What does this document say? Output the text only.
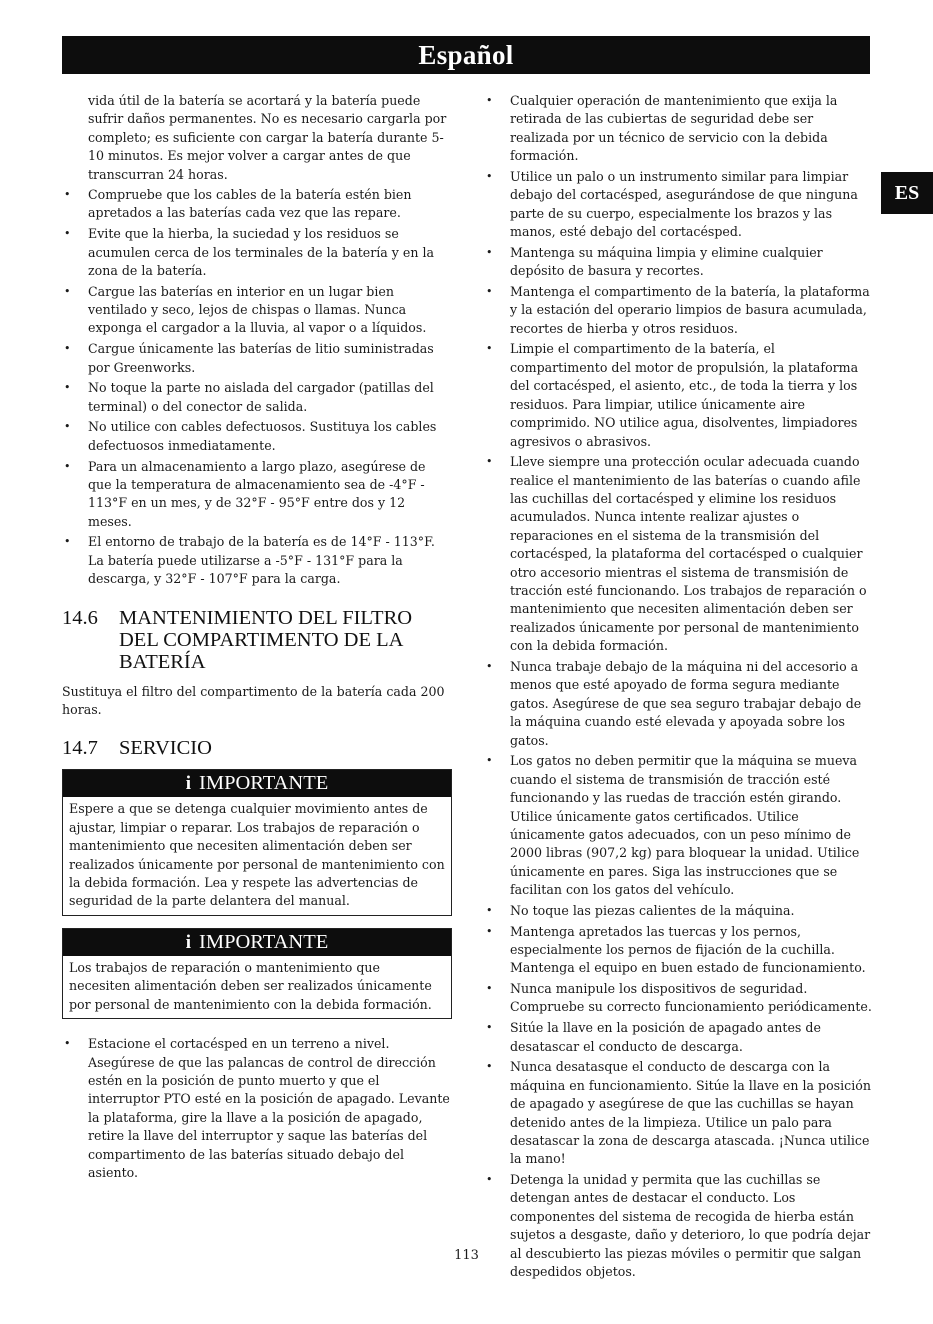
Español
ES

vida útil de la batería se acortará y la batería puede sufrir daños permanentes. No es necesario cargarla por completo; es suficiente con cargar la batería durante 5-10 minutos. Es mejor volver a cargar antes de que transcurran 24 horas.

• Compruebe que los cables de la batería estén bien apretados a las baterías cada vez que las repare.
• Evite que la hierba, la suciedad y los residuos se acumulen cerca de los terminales de la batería y en la zona de la batería.
• Cargue las baterías en interior en un lugar bien ventilado y seco, lejos de chispas o llamas. Nunca exponga el cargador a la lluvia, al vapor o a líquidos.
• Cargue únicamente las baterías de litio suministradas por Greenworks.
• No toque la parte no aislada del cargador (patillas del terminal) o del conector de salida.
• No utilice con cables defectuosos. Sustituya los cables defectuosos inmediatamente.
• Para un almacenamiento a largo plazo, asegúrese de que la temperatura de almacenamiento sea de -4°F - 113°F en un mes, y de 32°F - 95°F entre dos y 12 meses.
• El entorno de trabajo de la batería es de 14°F - 113°F. La batería puede utilizarse a -5°F - 131°F para la descarga, y 32°F - 107°F para la carga.
14.6	MANTENIMIENTO DEL FILTRO DEL COMPARTIMENTO DE LA BATERÍA

Sustituya el filtro del compartimento de la batería cada 200 horas.

14.7	SERVICIO
i IMPORTANTE
Espere a que se detenga cualquier movimiento antes de ajustar, limpiar o reparar. Los trabajos de reparación o mantenimiento que necesiten alimentación deben ser realizados únicamente por personal de mantenimiento con la debida formación. Lea y respete las advertencias de seguridad de la parte delantera del manual.
i IMPORTANTE
Los trabajos de reparación o mantenimiento que necesiten alimentación deben ser realizados únicamente por personal de mantenimiento con la debida formación.
• Estacione el cortacésped en un terreno a nivel. Asegúrese de que las palancas de control de dirección estén en la posición de punto muerto y que el interruptor PTO esté en la posición de apagado. Levante la plataforma, gire la llave a la posición de apagado, retire la llave del interruptor y saque las baterías del compartimento de las baterías situado debajo del asiento.
• Cualquier operación de mantenimiento que exija la retirada de las cubiertas de seguridad debe ser realizada por un técnico de servicio con la debida formación.
• Utilice un palo o un instrumento similar para limpiar debajo del cortacésped, asegurándose de que ninguna parte de su cuerpo, especialmente los brazos y las manos, esté debajo del cortacésped.
• Mantenga su máquina limpia y elimine cualquier depósito de basura y recortes.
• Mantenga el compartimento de la batería, la plataforma y la estación del operario limpios de basura acumulada, recortes de hierba y otros residuos.
• Limpie el compartimento de la batería, el compartimento del motor de propulsión, la plataforma del cortacésped, el asiento, etc., de toda la tierra y los residuos. Para limpiar, utilice únicamente aire comprimido. NO utilice agua, disolventes, limpiadores agresivos o abrasivos.
• Lleve siempre una protección ocular adecuada cuando realice el mantenimiento de las baterías o cuando afile las cuchillas del cortacésped y elimine los residuos acumulados. Nunca intente realizar ajustes o reparaciones en el sistema de la transmisión del cortacésped, la plataforma del cortacésped o cualquier otro accesorio mientras el sistema de transmisión de tracción esté funcionando. Los trabajos de reparación o mantenimiento que necesiten alimentación deben ser realizados únicamente por personal de mantenimiento con la debida formación.
• Nunca trabaje debajo de la máquina ni del accesorio a menos que esté apoyado de forma segura mediante gatos. Asegúrese de que sea seguro trabajar debajo de la máquina cuando esté elevada y apoyada sobre los gatos.
• Los gatos no deben permitir que la máquina se mueva cuando el sistema de transmisión de tracción esté funcionando y las ruedas de tracción estén girando. Utilice únicamente gatos certificados. Utilice únicamente gatos adecuados, con un peso mínimo de 2000 libras (907,2 kg) para bloquear la unidad. Utilice únicamente en pares. Siga las instrucciones que se facilitan con los gatos del vehículo.
• No toque las piezas calientes de la máquina.
• Mantenga apretados las tuercas y los pernos, especialmente los pernos de fijación de la cuchilla. Mantenga el equipo en buen estado de funcionamiento.
• Nunca manipule los dispositivos de seguridad. Compruebe su correcto funcionamiento periódicamente.
• Sitúe la llave en la posición de apagado antes de desatascar el conducto de descarga.
• Nunca desatasque el conducto de descarga con la máquina en funcionamiento. Sitúe la llave en la posición de apagado y asegúrese de que las cuchillas se hayan detenido antes de la limpieza. Utilice un palo para desatascar la zona de descarga atascada. ¡Nunca utilice la mano!
• Detenga la unidad y permita que las cuchillas se detengan antes de destacar el conducto. Los componentes del sistema de recogida de hierba están sujetos a desgaste, daño y deterioro, lo que podría dejar al descubierto las piezas móviles o permitir que salgan despedidos objetos.
113
